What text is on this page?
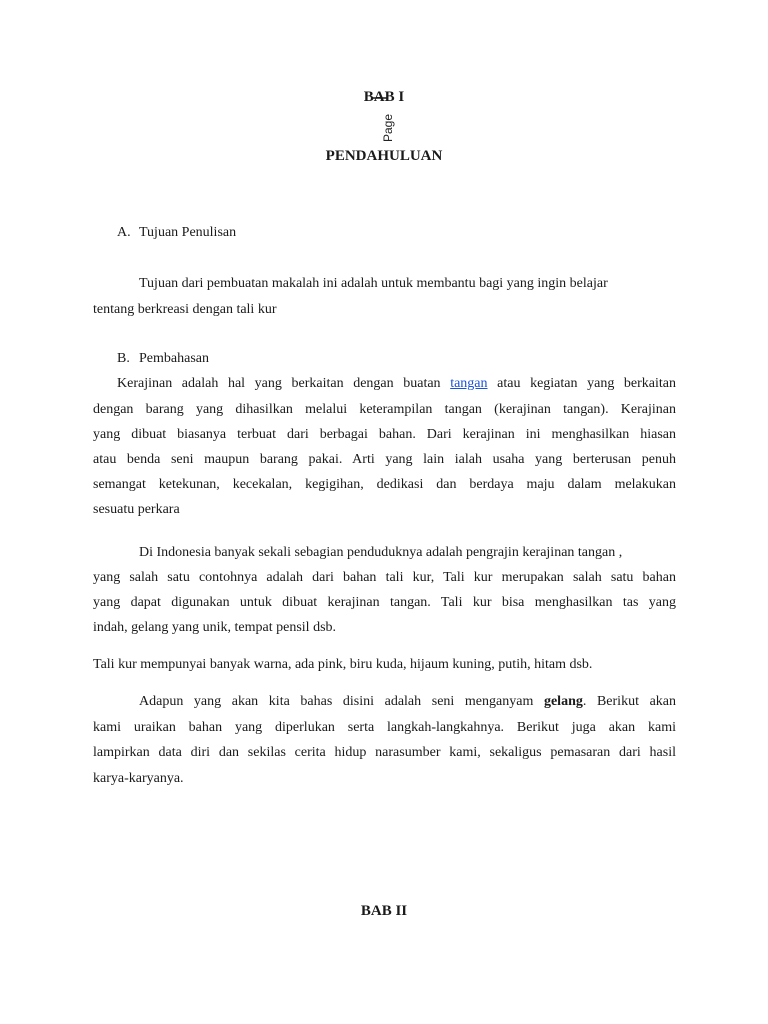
BAB I
Page
PENDAHULUAN
A. Tujuan Penulisan
Tujuan dari pembuatan makalah ini adalah untuk membantu bagi yang ingin belajar
tentang berkreasi dengan tali kur
B. Pembahasan
Kerajinan adalah hal yang berkaitan dengan buatan tangan atau kegiatan yang berkaitan
dengan barang yang dihasilkan melalui keterampilan tangan (kerajinan tangan). Kerajinan
yang dibuat biasanya terbuat dari berbagai bahan. Dari kerajinan ini menghasilkan hiasan
atau benda seni maupun barang pakai. Arti yang lain ialah usaha yang berterusan penuh
semangat ketekunan, kecekalan, kegigihan, dedikasi dan berdaya maju dalam melakukan
sesuatu perkara
Di Indonesia banyak sekali sebagian penduduknya adalah pengrajin kerajinan tangan ,
yang salah satu contohnya adalah dari bahan tali kur, Tali kur merupakan salah satu bahan
yang dapat digunakan untuk dibuat kerajinan tangan. Tali kur bisa menghasilkan tas yang
indah, gelang yang unik, tempat pensil dsb.
Tali kur mempunyai banyak warna, ada pink, biru kuda, hijaum kuning, putih, hitam dsb.
Adapun yang akan kita bahas disini adalah seni menganyam gelang. Berikut akan
kami uraikan bahan yang diperlukan serta langkah-langkahnya. Berikut juga akan kami
lampirkan data diri dan sekilas cerita hidup narasumber kami, sekaligus pemasaran dari hasil
karya-karyanya.
BAB II
